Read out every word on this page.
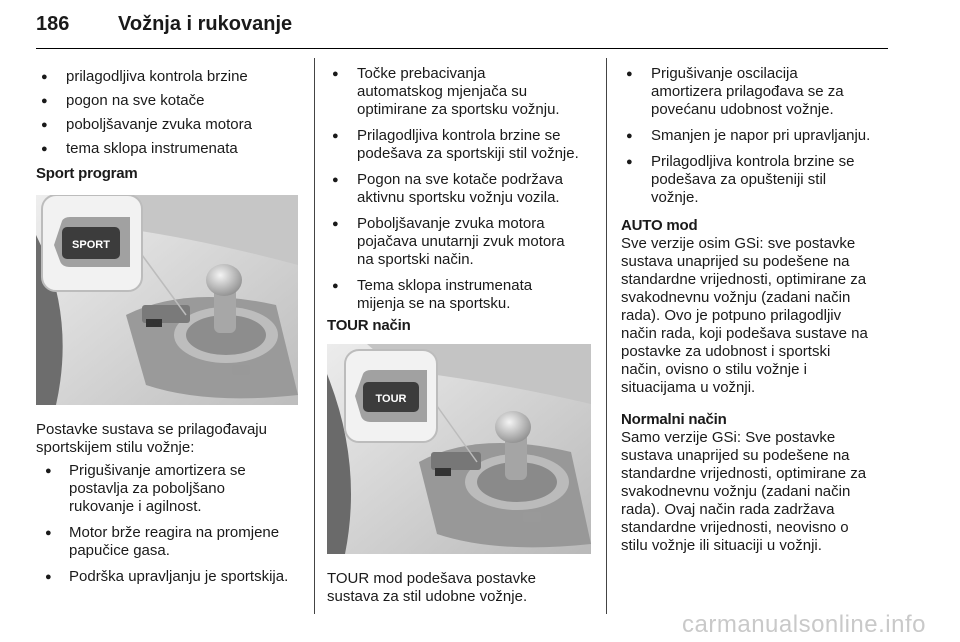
186 Vožnja i rukovanje
● prilagodljiva kontrola brzine
● pogon na sve kotače
● poboljšavanje zvuka motora
● tema sklopa instrumenata

Sport program

SPORT

Postavke sustava se prilagođavaju

sportskijem stilu vožnje:

● Prigušivanje amortizera se

postavlja za poboljšano

rukovanje i agilnost.

● Motor brže reagira na promjene

papučice gasa.

● Podrška upravljanju je sportskija.

● Točke prebacivanja

automatskog mjenjača su

optimirane za sportsku vožnju.

● Prilagodljiva kontrola brzine se

podešava za sportskiji stil vožnje.

● Pogon na sve kotače podržava

aktivnu sportsku vožnju vozila.

● Poboljšavanje zvuka motora

pojačava unutarnji zvuk motora

na sportski način.

● Tema sklopa instrumenata

mijenja se na sportsku.

TOUR način

TOUR

TOUR mod podešava postavke

sustava za stil udobne vožnje.

● Prigušivanje oscilacija

amortizera prilagođava se za

povećanu udobnost vožnje.

● Smanjen je napor pri upravljanju.

● Prilagodljiva kontrola brzine se

podešava za opušteniji stil

vožnje.

AUTO mod

Sve verzije osim GSi: sve postavke

sustava unaprijed su podešene na

standardne vrijednosti, optimirane za

svakodnevnu vožnju (zadani način

rada). Ovo je potpuno prilagodljiv

način rada, koji podešava sustave na

postavke za udobnost i sportski

način, ovisno o stilu vožnje i

situacijama u vožnji.

Normalni način

Samo verzije GSi: Sve postavke

sustava unaprijed su podešene na

standardne vrijednosti, optimirane za

svakodnevnu vožnju (zadani način

rada). Ovaj način rada zadržava

standardne vrijednosti, neovisno o

stilu vožnje ili situaciji u vožnji.

carmanualsonline.info
